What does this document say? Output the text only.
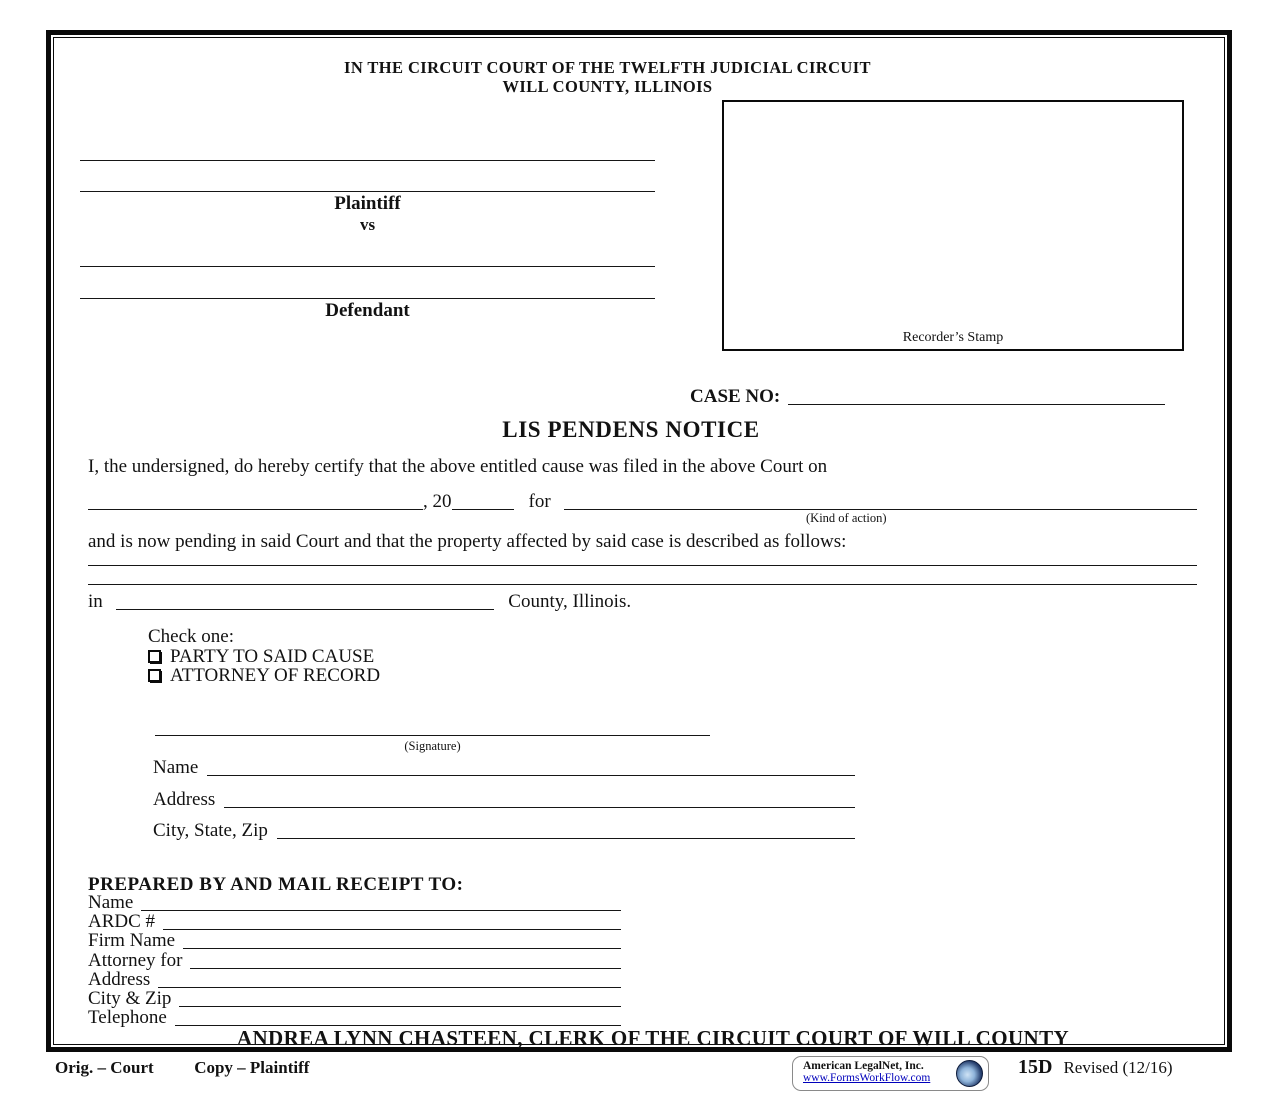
IN THE CIRCUIT COURT OF THE TWELFTH JUDICIAL CIRCUIT
WILL COUNTY, ILLINOIS
Plaintiff
vs
Defendant
Recorder’s Stamp
CASE NO:
LIS PENDENS NOTICE
I, the undersigned, do hereby certify that the above entitled cause was filed in the above Court on
, 20	for
(Kind of action)
and is now pending in said Court and that the property affected by said case is described as follows:
in	County, Illinois.
Check one:
PARTY TO SAID CAUSE
ATTORNEY OF RECORD
(Signature)
Name
Address
City, State, Zip
PREPARED BY AND MAIL RECEIPT TO:
Name
ARDC #
Firm Name
Attorney for
Address
City & Zip
Telephone
ANDREA LYNN CHASTEEN, CLERK OF THE CIRCUIT COURT OF WILL COUNTY
Orig. – Court Copy – Plaintiff	American LegalNet, Inc.
www.FormsWorkFlow.com	15D Revised (12/16)
